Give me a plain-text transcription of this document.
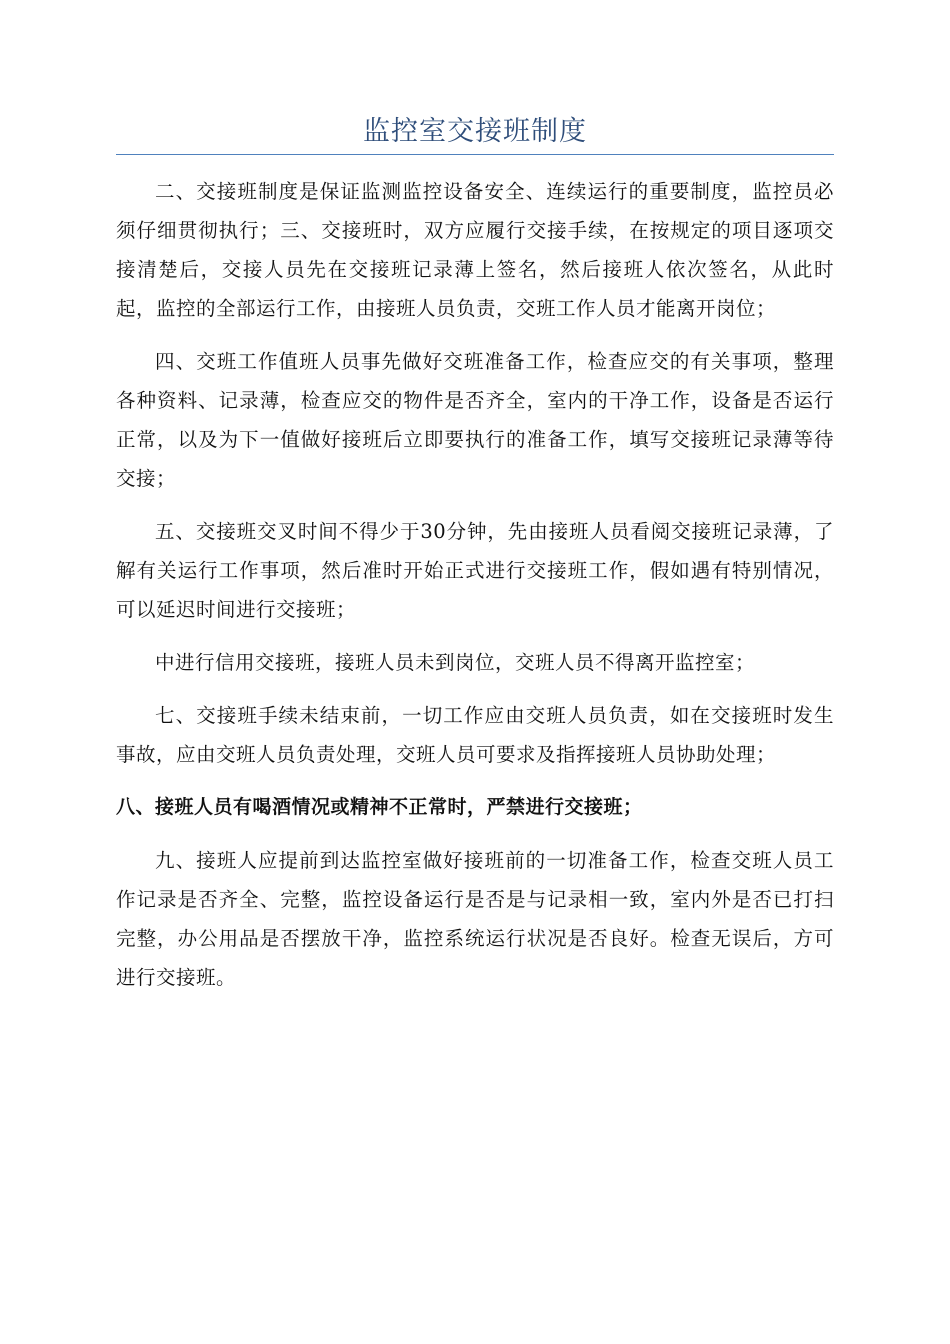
监控室交接班制度

二、交接班制度是保证监测监控设备安全、连续运行的重要制度，监控员必须仔细贯彻执行；三、交接班时，双方应履行交接手续，在按规定的项目逐项交接清楚后，交接人员先在交接班记录薄上签名，然后接班人依次签名，从此时起，监控的全部运行工作，由接班人员负责，交班工作人员才能离开岗位；

四、交班工作值班人员事先做好交班准备工作，检查应交的有关事项，整理各种资料、记录薄，检查应交的物件是否齐全，室内的干净工作，设备是否运行正常，以及为下一值做好接班后立即要执行的准备工作，填写交接班记录薄等待交接；

五、交接班交叉时间不得少于30分钟，先由接班人员看阅交接班记录薄，了解有关运行工作事项，然后准时开始正式进行交接班工作，假如遇有特别情况，可以延迟时间进行交接班；

中进行信用交接班，接班人员未到岗位，交班人员不得离开监控室；

七、交接班手续未结束前，一切工作应由交班人员负责，如在交接班时发生事故，应由交班人员负责处理，交班人员可要求及指挥接班人员协助处理；

八、接班人员有喝酒情况或精神不正常时，严禁进行交接班；

九、接班人应提前到达监控室做好接班前的一切准备工作，检查交班人员工作记录是否齐全、完整，监控设备运行是否是与记录相一致，室内外是否已打扫完整，办公用品是否摆放干净，监控系统运行状况是否良好。检查无误后，方可进行交接班。
